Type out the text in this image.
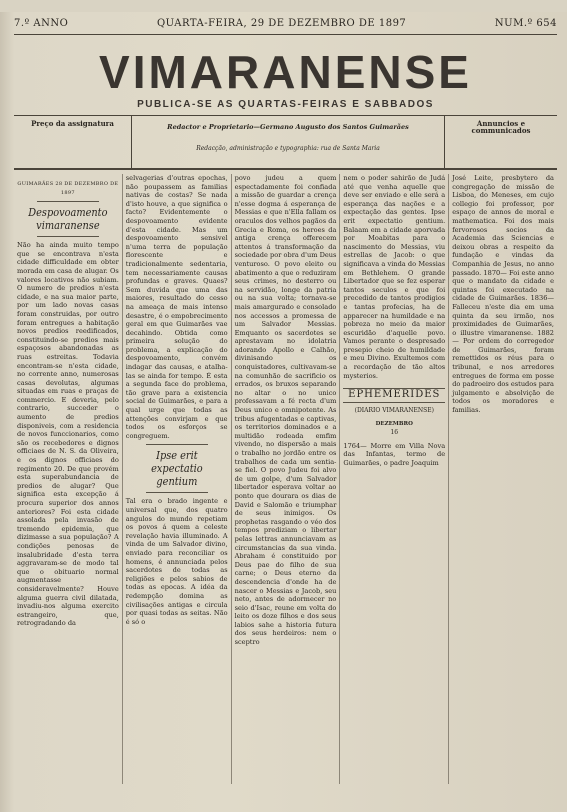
7.º ANNO	QUARTA-FEIRA, 29 DE DEZEMBRO DE 1897	NUM.º 654
VIMARANENSE
PUBLICA-SE AS QUARTAS-FEIRAS E SABBADOS
Preço da assignatura	Redactor e Proprietario—Germano Augusto dos Santos Guimarães
Redacção, administração e typographia: rua de Santa Maria
Annuncios e communicados
GUIMARÃES 28 DE DEZEMBRO DE 1897
Despovoamento vimaranense

Não ha ainda muito tempo que se encontrava n'esta cidade difficuldade em obter morada em casa de alugar. Os valores locativos não subiam. O numero de predios n'esta cidade, e na sua maior parte, por um lado novas casas foram construidas, por outro foram entregues a habitação novos predios reedificados, constituindo-se predios mais espaçosos abandonadas as ruas estreitas. Todavia encontram-se n'esta cidade, no corrente anno, numerosas casas devolutas, algumas situadas em ruas e praças de commercio. E deveria, pelo contrario, succeder o aumento de predios disponiveis, com a residencia de novos funccionarios, como são os recebedores e dignos officiaes de N. S. da Oliveira, e os dignos officiaes do regimento 20. De que provém esta superabundancia de predios de alugar? Que significa esta excepção á procura superior dos annos anteriores? Foi esta cidade assolada pela invasão de tremendo epidemia, que dizimasse a sua população? A condições penosas de insalubridade d'esta terra aggravaram-se de modo tal que o obituario normal augmentasse consideravelmente? Houve alguma guerra civil dilatada, invadiu-nos alguma exercito estrangeiro, que, retrogradando da

selvagerias d'outras epochas, não poupassem as familias nativas de costas? Se nada d'isto houve, a que significa o facto? Evidentemente o despovoamento evidente d'esta cidade. Mas um despovoamento sensivel n'uma terra de população florescente e tradicionalmente sedentaria, tem necessariamente causas profundas e graves. Quaes? Sem duvida que uma das maiores, resultado do cesso na ameaça de mais intenso desastre, é o empobrecimento geral em que Guimarães vae decahindo. Obtida como primeira solução do problema, a explicação do despovoamento, convém indagar das causas, e atalha-las se ainda for tempo. É esta a segunda face do problema, tão grave para a existencia social de Guimarães, e para a qual urge que todas as attenções convirjam e que todos os esforços se congreguem.

Ipse erit expectatio gentium

Tal era o brado ingente e universal que, dos quatro angulos do mundo repetiam os povos á quem a celeste revelação havia illuminado. A vinda de um Salvador divino, enviado para reconciliar os homens, é annunciada pelos sacerdotes de todas as religiões e pelos sabios de todas as epocas. A idéa da redempção domina as civilisações antigas e circula por quasi todas as seitas. Não é só o

povo judeu a quem espectadamente foi confiada a missão de guardar a crença n'esse dogma á esperança de Messias e que n'Ella fallam os oraculos dos velhos pagãos da Grecia e Roma, os heroes da antiga crença offerecem attentos á transformação da sociedade por obra d'um Deus venturoso. O povo eleito ou abatimento a que o reduziram seus crimes, no desterro ou na servidão, longe da patria ou na sua volta; tornava-se mais amargurado e consolado nos accessos a promessa de um Salvador Messias. Emquanto os sacerdotes se aprestavam no idolatria adorando Apollo e Calhão, divinisando os conquistadores, cultivavam-se na comunhão de sacrificio os errados, os bruxos separando no altar o no unico professavam a fé recta d'um Deus unico e omnipotente. As tribus afugentadas e captivas, os territorios dominados e a multidão rodeada emfim vivendo, no dispersão a mais o trabalho no jordão entre os trabalhos de cada um sentia-se fiel. O povo Judeu foi alvo de um golpe, d'um Salvador libertador esperava voltar ao ponto que dourara os dias de David e Salomão e triumphar de seus inimigos. Os prophetas rasgando o véo dos tempos prediziam o libertar pelas lettras annunciavam as circumstancias da sua vinda. Abraham é constituido por Deus pae do filho de sua carne; o Deus eterno da descendencia d'onde ha de nascer o Messias e Jacob, seu neto, antes de adormecer no seio d'Isac, reune em volta do leito os doze filhos e dos seus labios sahe a historia futura dos seus herdeiros: nem o sceptro

nem o poder sahirão de Judá até que venha aquelle que deve ser enviado e elle será a esperança das nações e a expectação das gentes. Ipse erit expectatio gentium. Balaam em a cidade aporvada por Moabitas para o nascimento do Messias, viu estrellas de Jacob: o que significava a vinda do Messias em Bethlehem. O grande Libertador que se fez esperar tantos seculos e que foi precedido de tantos prodigios e tantas profecias, ha de apparecer na humildade e na pobreza no meio da maior escuridão d'aquelle povo. Vamos perante o despresado presepio cheio de humildade e meu Divino. Exultemos com a recordação de tão altos mysterios.

EPHEMERIDES
(DIARIO VIMARANENSE)
DEZEMBRO
16

1764— Morre em Villa Nova das Infantas, termo de Guimarães, o padre Joaquim

José Leite, presbytero da congregação de missão de Lisboa, do Meneses, em cujo collegio foi professor, por espaço de annos de moral e mathematica. Foi dos mais fervorosos socios da Academia das Sciencias e deixou obras a respeito da fundação e vindas da Companhia de Jesus, no anno passado. 1870— Foi este anno que o mandato da cidade e quintas foi executado na cidade de Guimarães. 1836— Falleceu n'este dia em uma quinta da seu irmão, nos proximidades de Guimarães, o illustre vimaranense. 1882— Por ordem do corregedor de Guimarães, foram remettidos os réus para o tribunal, e nos arredores entregues de forma em posse do padroeiro dos estudos para julgamento e absolvição de todos os moradores e familias.
